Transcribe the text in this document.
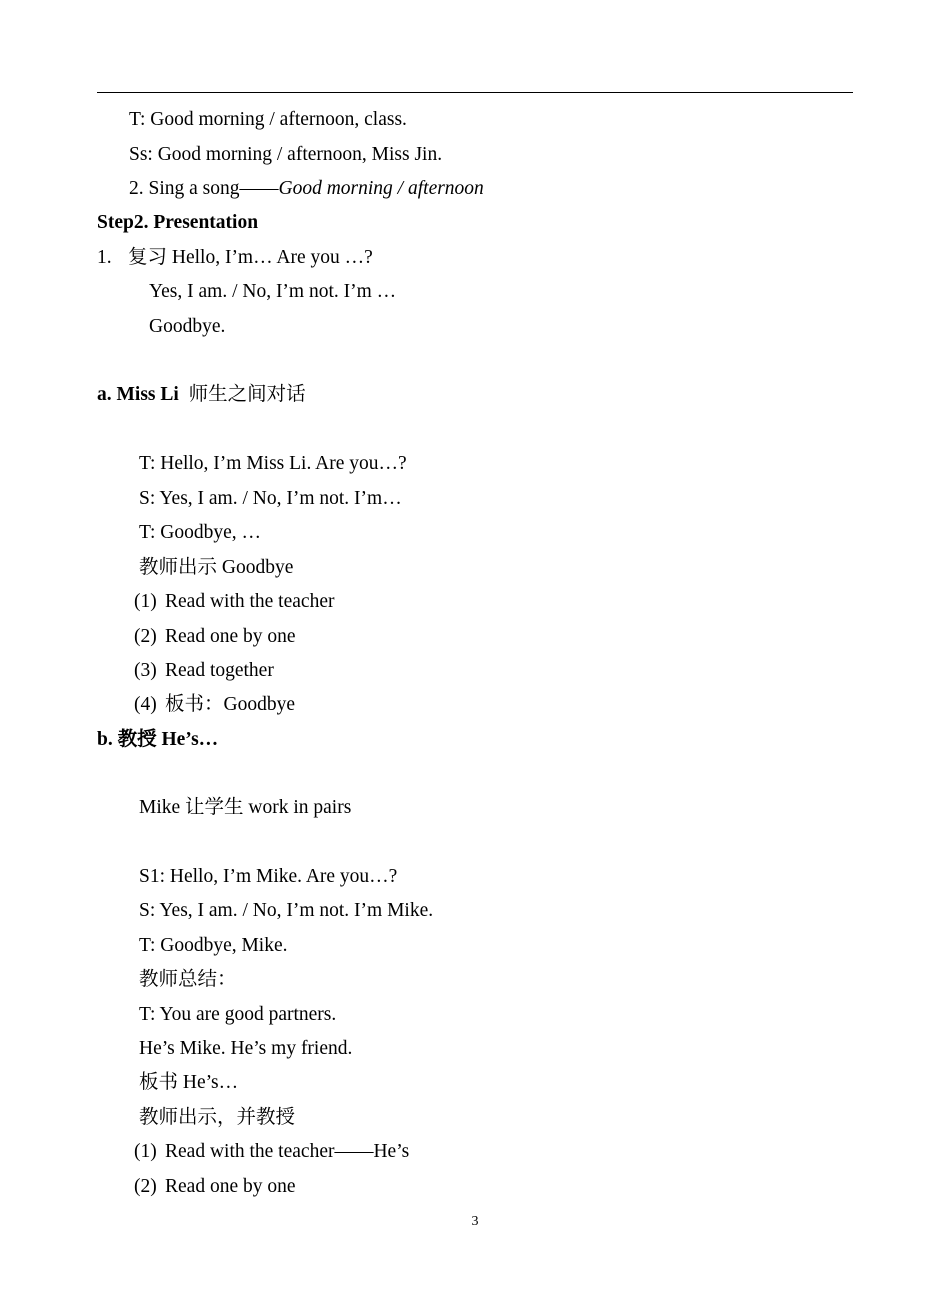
T: Good morning / afternoon, class.
Ss: Good morning / afternoon, Miss Jin.
2. Sing a song——Good morning / afternoon
Step2. Presentation
1. 复习 Hello, I’m… Are you …?
Yes, I am. / No, I’m not. I’m …
Goodbye.
a. Miss Li  师生之间对话
T: Hello, I’m Miss Li. Are you…?
S: Yes, I am. / No, I’m not. I’m…
T: Goodbye, …
教师出示 Goodbye
(1) Read with the teacher
(2) Read one by one
(3) Read together
(4) 板书：Goodbye
b. 教授 He’s…
Mike 让学生 work in pairs
S1: Hello, I’m Mike. Are you…?
S: Yes, I am. / No, I’m not. I’m Mike.
T: Goodbye, Mike.
教师总结：
T: You are good partners.
He’s Mike. He’s my friend.
板书 He’s…
教师出示，并教授
(1) Read with the teacher——He’s
(2) Read one by one
3
